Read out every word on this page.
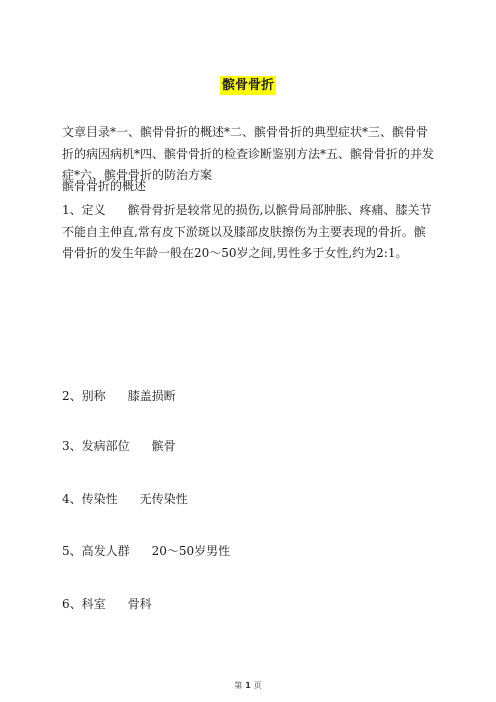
髌骨骨折

文章目录*一、髌骨骨折的概述*二、髌骨骨折的典型症状*三、髌骨骨折的病因病机*四、髌骨骨折的检查诊断鉴别方法*五、髌骨骨折的并发症*六、髌骨骨折的防治方案

髌骨骨折的概述

1、定义 髌骨骨折是较常见的损伤,以髌骨局部肿胀、疼痛、膝关节不能自主伸直,常有皮下淤斑以及膝部皮肤擦伤为主要表现的骨折。髌骨骨折的发生年龄一般在20～50岁之间,男性多于女性,约为2:1。

2、别称 膝盖损断
3、发病部位 髌骨
4、传染性 无传染性
5、高发人群 20～50岁男性
6、科室 骨科
第 1 页
